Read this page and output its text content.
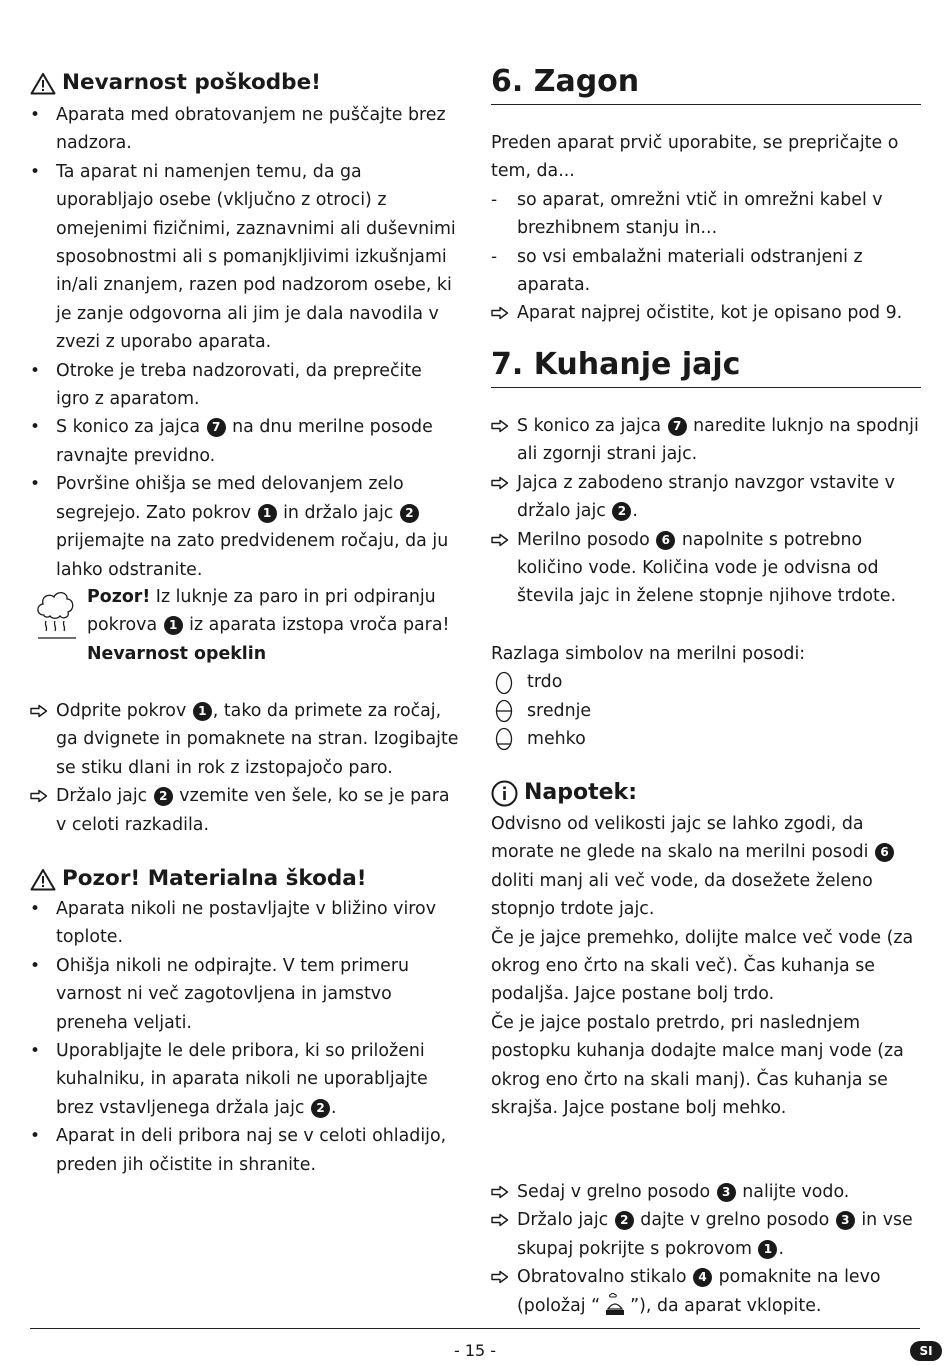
Nevarnost poškodbe!
• Aparata med obratovanjem ne puščajte brez nadzora.

• Ta aparat ni namenjen temu, da ga uporabljajo osebe (vključno z otroci) z omejenimi fizičnimi, zaznavnimi ali duševnimi sposobnostmi ali s pomanjkljivimi izkušnjami in/ali znanjem, razen pod nadzorom osebe, ki je zanje odgovorna ali jim je dala navodila v zvezi z uporabo aparata.

• Otroke je treba nadzorovati, da preprečite igro z aparatom.

• S konico za jajca 7 na dnu merilne posode ravnajte previdno.

• Površine ohišja se med delovanjem zelo segrejejo. Zato pokrov 1 in držalo jajc 2 prijemajte na zato predvidenem ročaju, da ju lahko odstranite.

Pozor! Iz luknje za paro in pri odpiranju pokrova 1 iz aparata izstopa vroča para!

Nevarnost opeklin

Odprite pokrov 1 , tako da primete za ročaj, ga dvignete in pomaknete na stran. Izogibajte se stiku dlani in rok z izstopajočo paro.

Držalo jajc 2 vzemite ven šele, ko se je para v celoti razkadila.

Pozor! Materialna škoda!
• Aparata nikoli ne postavljajte v bližino virov toplote.

• Ohišja nikoli ne odpirajte. V tem primeru varnost ni več zagotovljena in jamstvo preneha veljati.

• Uporabljajte le dele pribora, ki so priloženi kuhalniku, in aparata nikoli ne uporabljajte brez vstavljenega držala jajc 2 .

• Aparat in deli pribora naj se v celoti ohladijo, preden jih očistite in shranite.

6. Zagon

Preden aparat prvič uporabite, se prepričajte o tem, da...

-	so aparat, omrežni vtič in omrežni kabel v brezhibnem stanju in...

-	so vsi embalažni materiali odstranjeni z aparata.

Aparat najprej očistite, kot je opisano pod 9.

7. Kuhanje jajc

S konico za jajca 7 naredite luknjo na spodnji ali zgornji strani jajc.

Jajca z zabodeno stranjo navzgor vstavite v držalo jajc 2 .

Merilno posodo 6 napolnite s potrebno količino vode. Količina vode je odvisna od števila jajc in želene stopnje njihove trdote.

Razlaga simbolov na merilni posodi:

trdo

srednje

mehko

Napotek:

Odvisno od velikosti jajc se lahko zgodi, da morate ne glede na skalo na merilni posodi 6 doliti manj ali več vode, da dosežete želeno stopnjo trdote jajc.

Če je jajce premehko, dolijte malce več vode (za okrog eno črto na skali več). Čas kuhanja se podaljša. Jajce postane bolj trdo.

Če je jajce postalo pretrdo, pri naslednjem postopku kuhanja dodajte malce manj vode (za okrog eno črto na skali manj). Čas kuhanja se skrajša. Jajce postane bolj mehko.

Sedaj v grelno posodo 3 nalijte vodo.

Držalo jajc 2 dajte v grelno posodo 3 in vse skupaj pokrijte s pokrovom 1 .

Obratovalno stikalo 4 pomaknite na levo (položaj “ ”), da aparat vklopite.

- 15 -	SI
